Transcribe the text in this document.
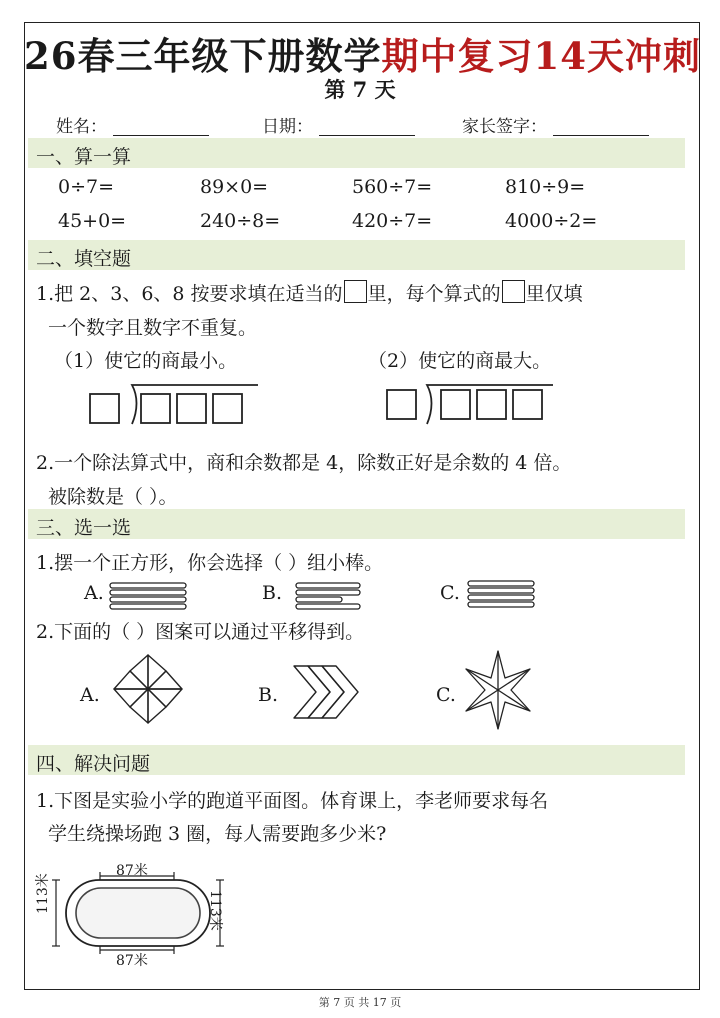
26春三年级下册数学期中复习14天冲刺
第 7 天
姓名：	日期：	家长签字：
一、算一算
0÷7=	89×0=	560÷7=	810÷9=
45+0=	240÷8=	420÷7=	4000÷2=
二、填空题
1.把 2、3、6、8 按要求填在适当的 里，每个算式的 里仅填
一个数字且数字不重复。
（1）使它的商最小。	（2）使它的商最大。
2.一个除法算式中，商和余数都是 4，除数正好是余数的 4 倍。
被除数是（ ）。
三、选一选
1.摆一个正方形，你会选择（ ）组小棒。
A.	B.	C.
2.下面的（ ）图案可以通过平移得到。
A.	B.	C.
四、解决问题
1.下图是实验小学的跑道平面图。体育课上，李老师要求每名
学生绕操场跑 3 圈，每人需要跑多少米?
87米
87米
113米	113米
第 7 页 共 17 页
